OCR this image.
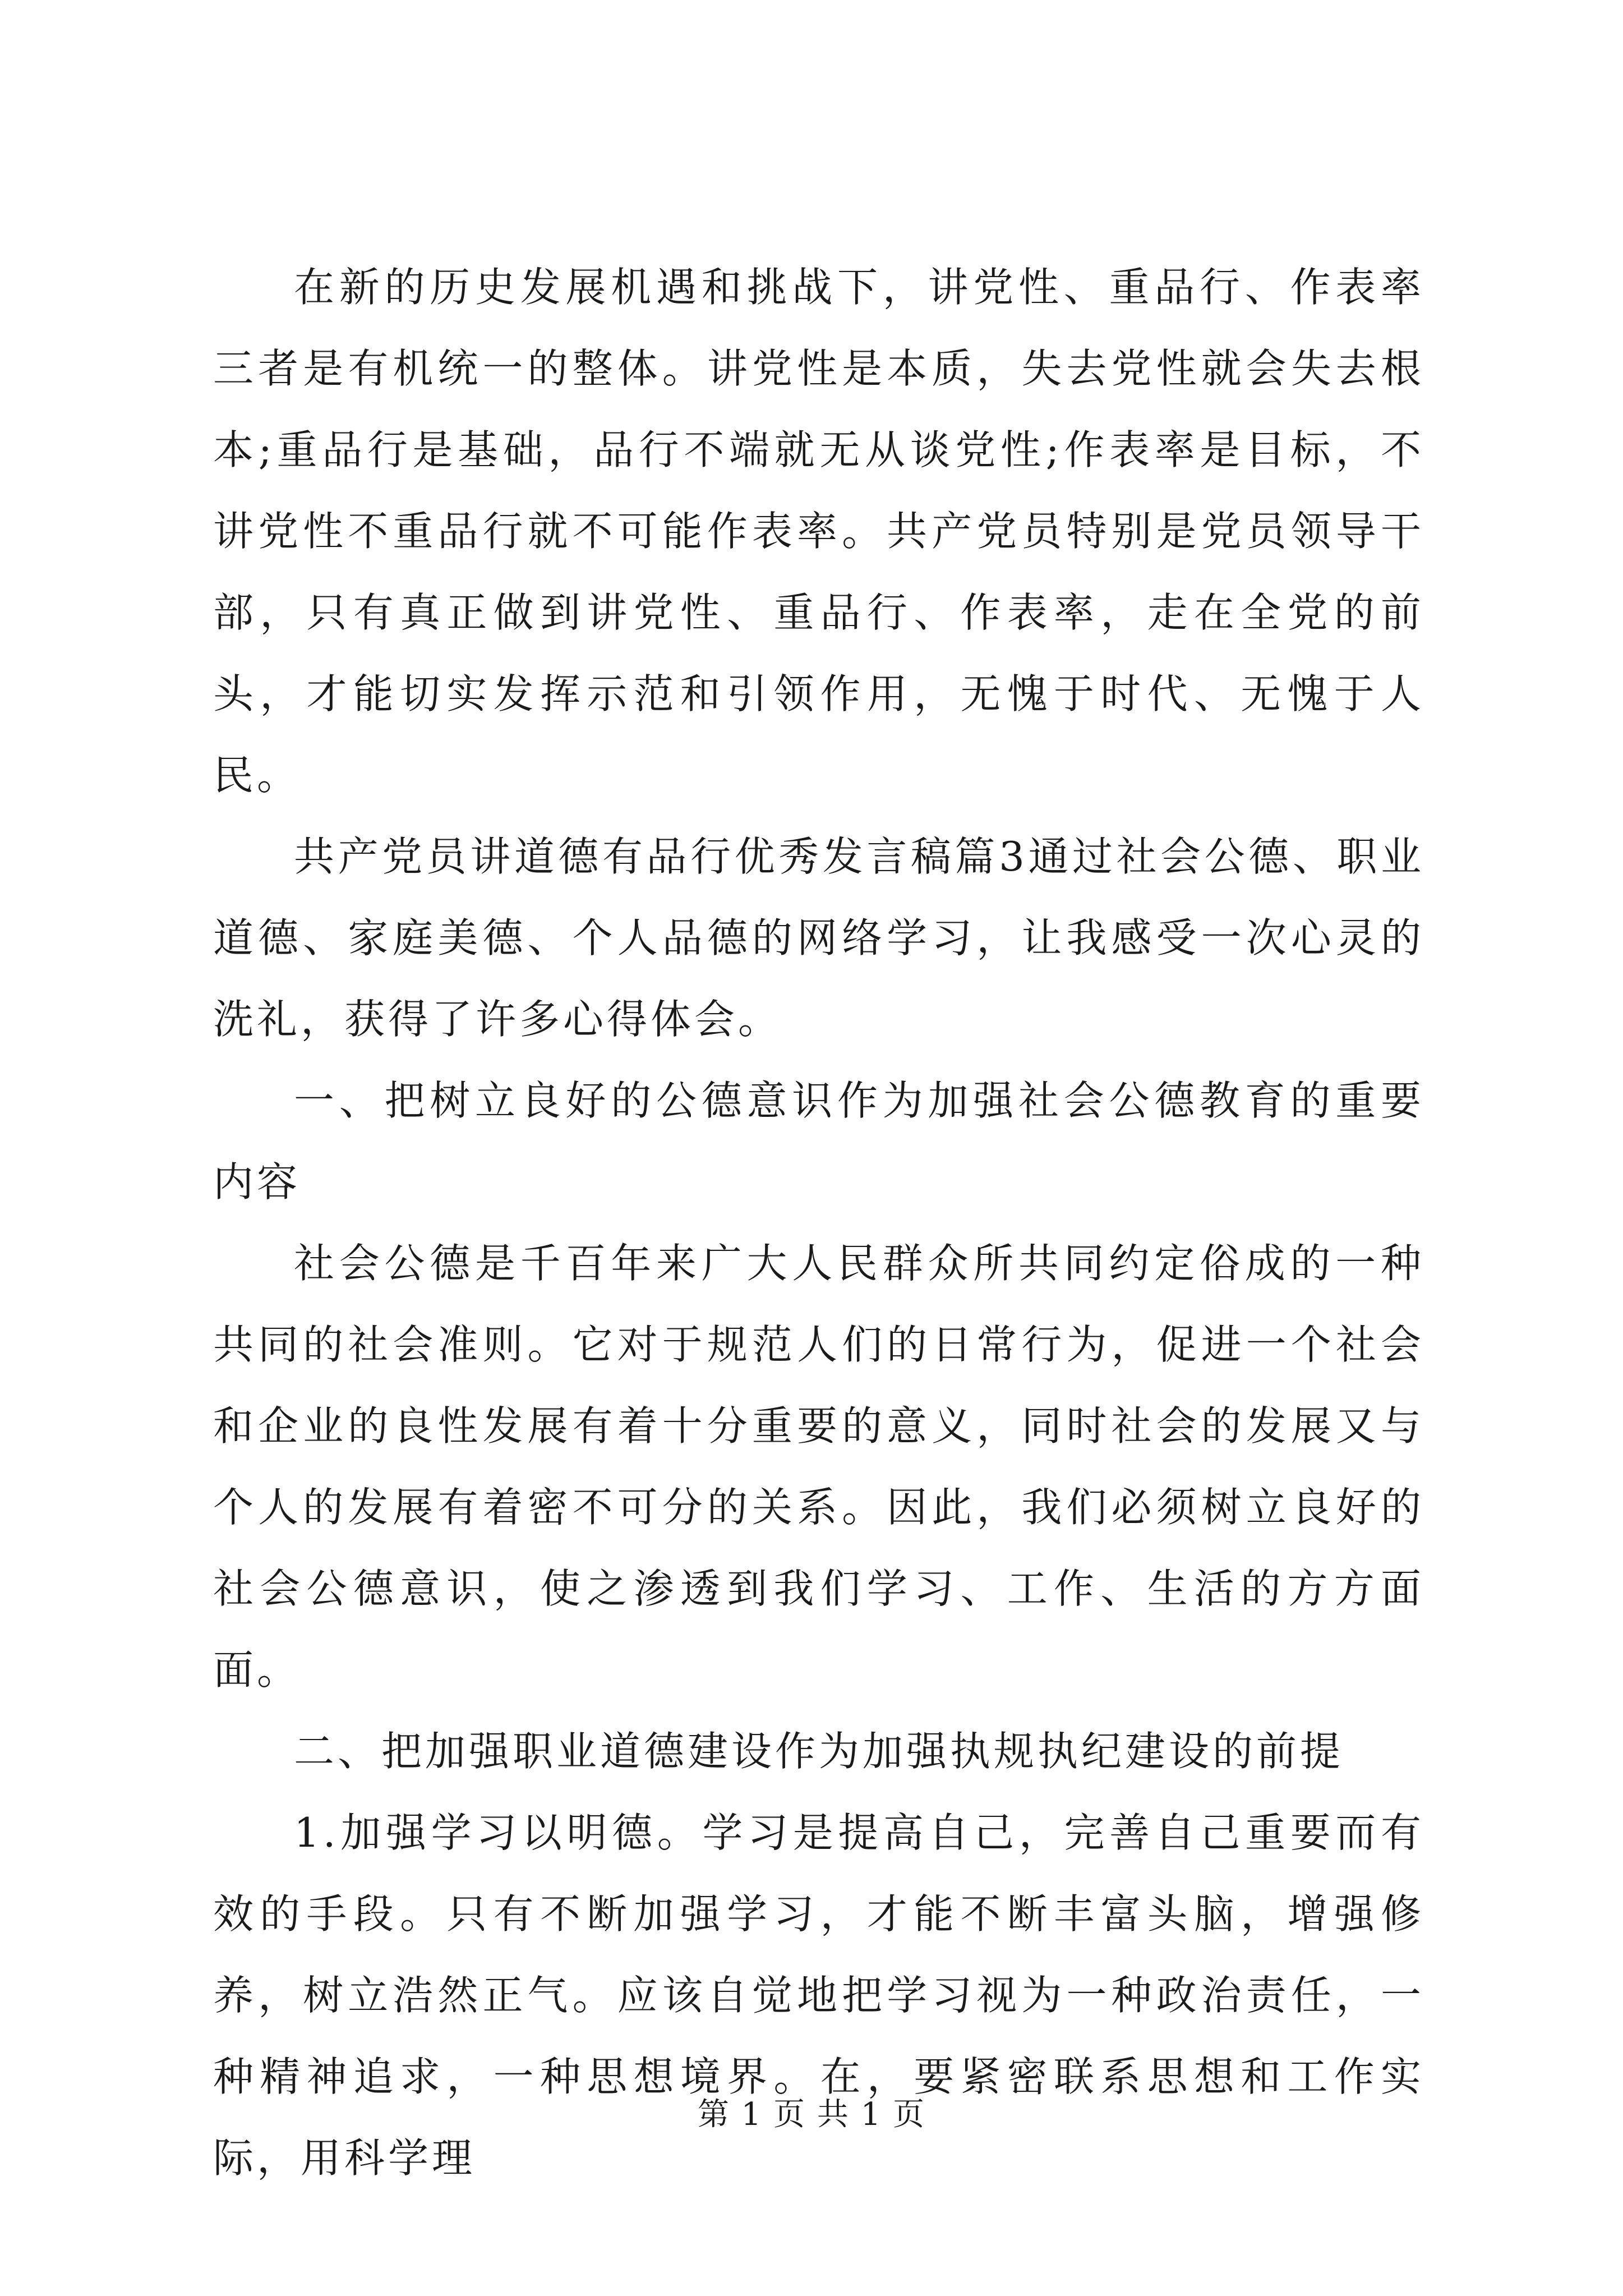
在新的历史发展机遇和挑战下，讲党性、重品行、作表率三者是有机统一的整体。讲党性是本质，失去党性就会失去根本;重品行是基础，品行不端就无从谈党性;作表率是目标，不讲党性不重品行就不可能作表率。共产党员特别是党员领导干部，只有真正做到讲党性、重品行、作表率，走在全党的前头，才能切实发挥示范和引领作用，无愧于时代、无愧于人民。

共产党员讲道德有品行优秀发言稿篇3通过社会公德、职业道德、家庭美德、个人品德的网络学习，让我感受一次心灵的洗礼，获得了许多心得体会。

一、把树立良好的公德意识作为加强社会公德教育的重要内容

社会公德是千百年来广大人民群众所共同约定俗成的一种共同的社会准则。它对于规范人们的日常行为，促进一个社会和企业的良性发展有着十分重要的意义，同时社会的发展又与个人的发展有着密不可分的关系。因此，我们必须树立良好的社会公德意识，使之渗透到我们学习、工作、生活的方方面面。

二、把加强职业道德建设作为加强执规执纪建设的前提

1.加强学习以明德。学习是提高自己，完善自己重要而有效的手段。只有不断加强学习，才能不断丰富头脑，增强修养，树立浩然正气。应该自觉地把学习视为一种政治责任，一种精神追求，一种思想境界。在，要紧密联系思想和工作实际，用科学理

第 1 页 共 1 页
